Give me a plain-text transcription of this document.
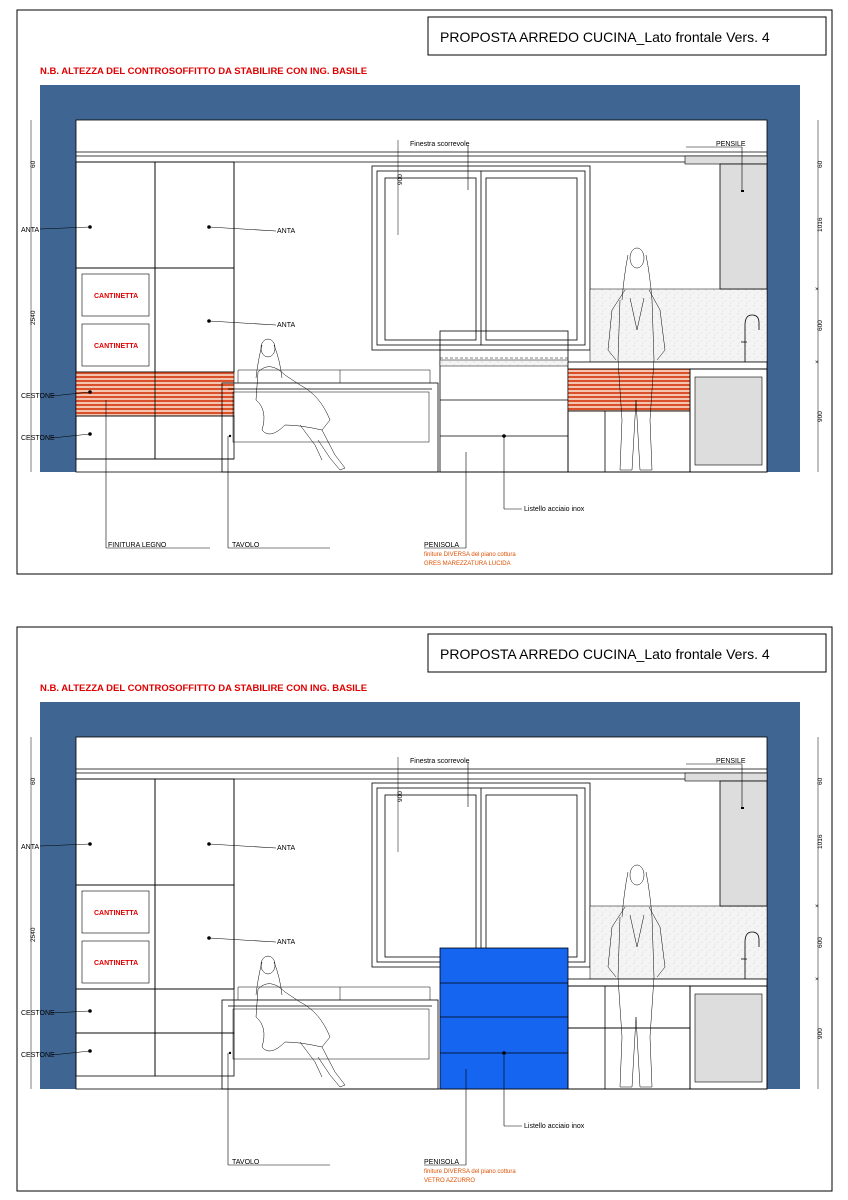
PROPOSTA ARREDO CUCINA_Lato frontale Vers. 4
N.B. ALTEZZA DEL CONTROSOFFITTO DA STABILIRE CON ING. BASILE
CANTINETTA
CANTINETTA
900
Finestra scorrevole
60
2540
60
1016
600
900
×
×
ANTA	ANTA
ANTA
CESTONE
CESTONE
PENSILE
FINITURA LEGNO	TAVOLO	PENISOLA
finiture DIVERSA del piano cottura
GRES MAREZZATURA LUCIDA
Listello acciaio inox
PROPOSTA ARREDO CUCINA_Lato frontale Vers. 4
N.B. ALTEZZA DEL CONTROSOFFITTO DA STABILIRE CON ING. BASILE
CANTINETTA
CANTINETTA
900
Finestra scorrevole
60
2540
60
1016
600
900
×
×
ANTA	ANTA
ANTA
CESTONE
CESTONE
PENSILE
TAVOLO	PENISOLA
finiture DIVERSA del piano cottura
VETRO AZZURRO
Listello acciaio inox
